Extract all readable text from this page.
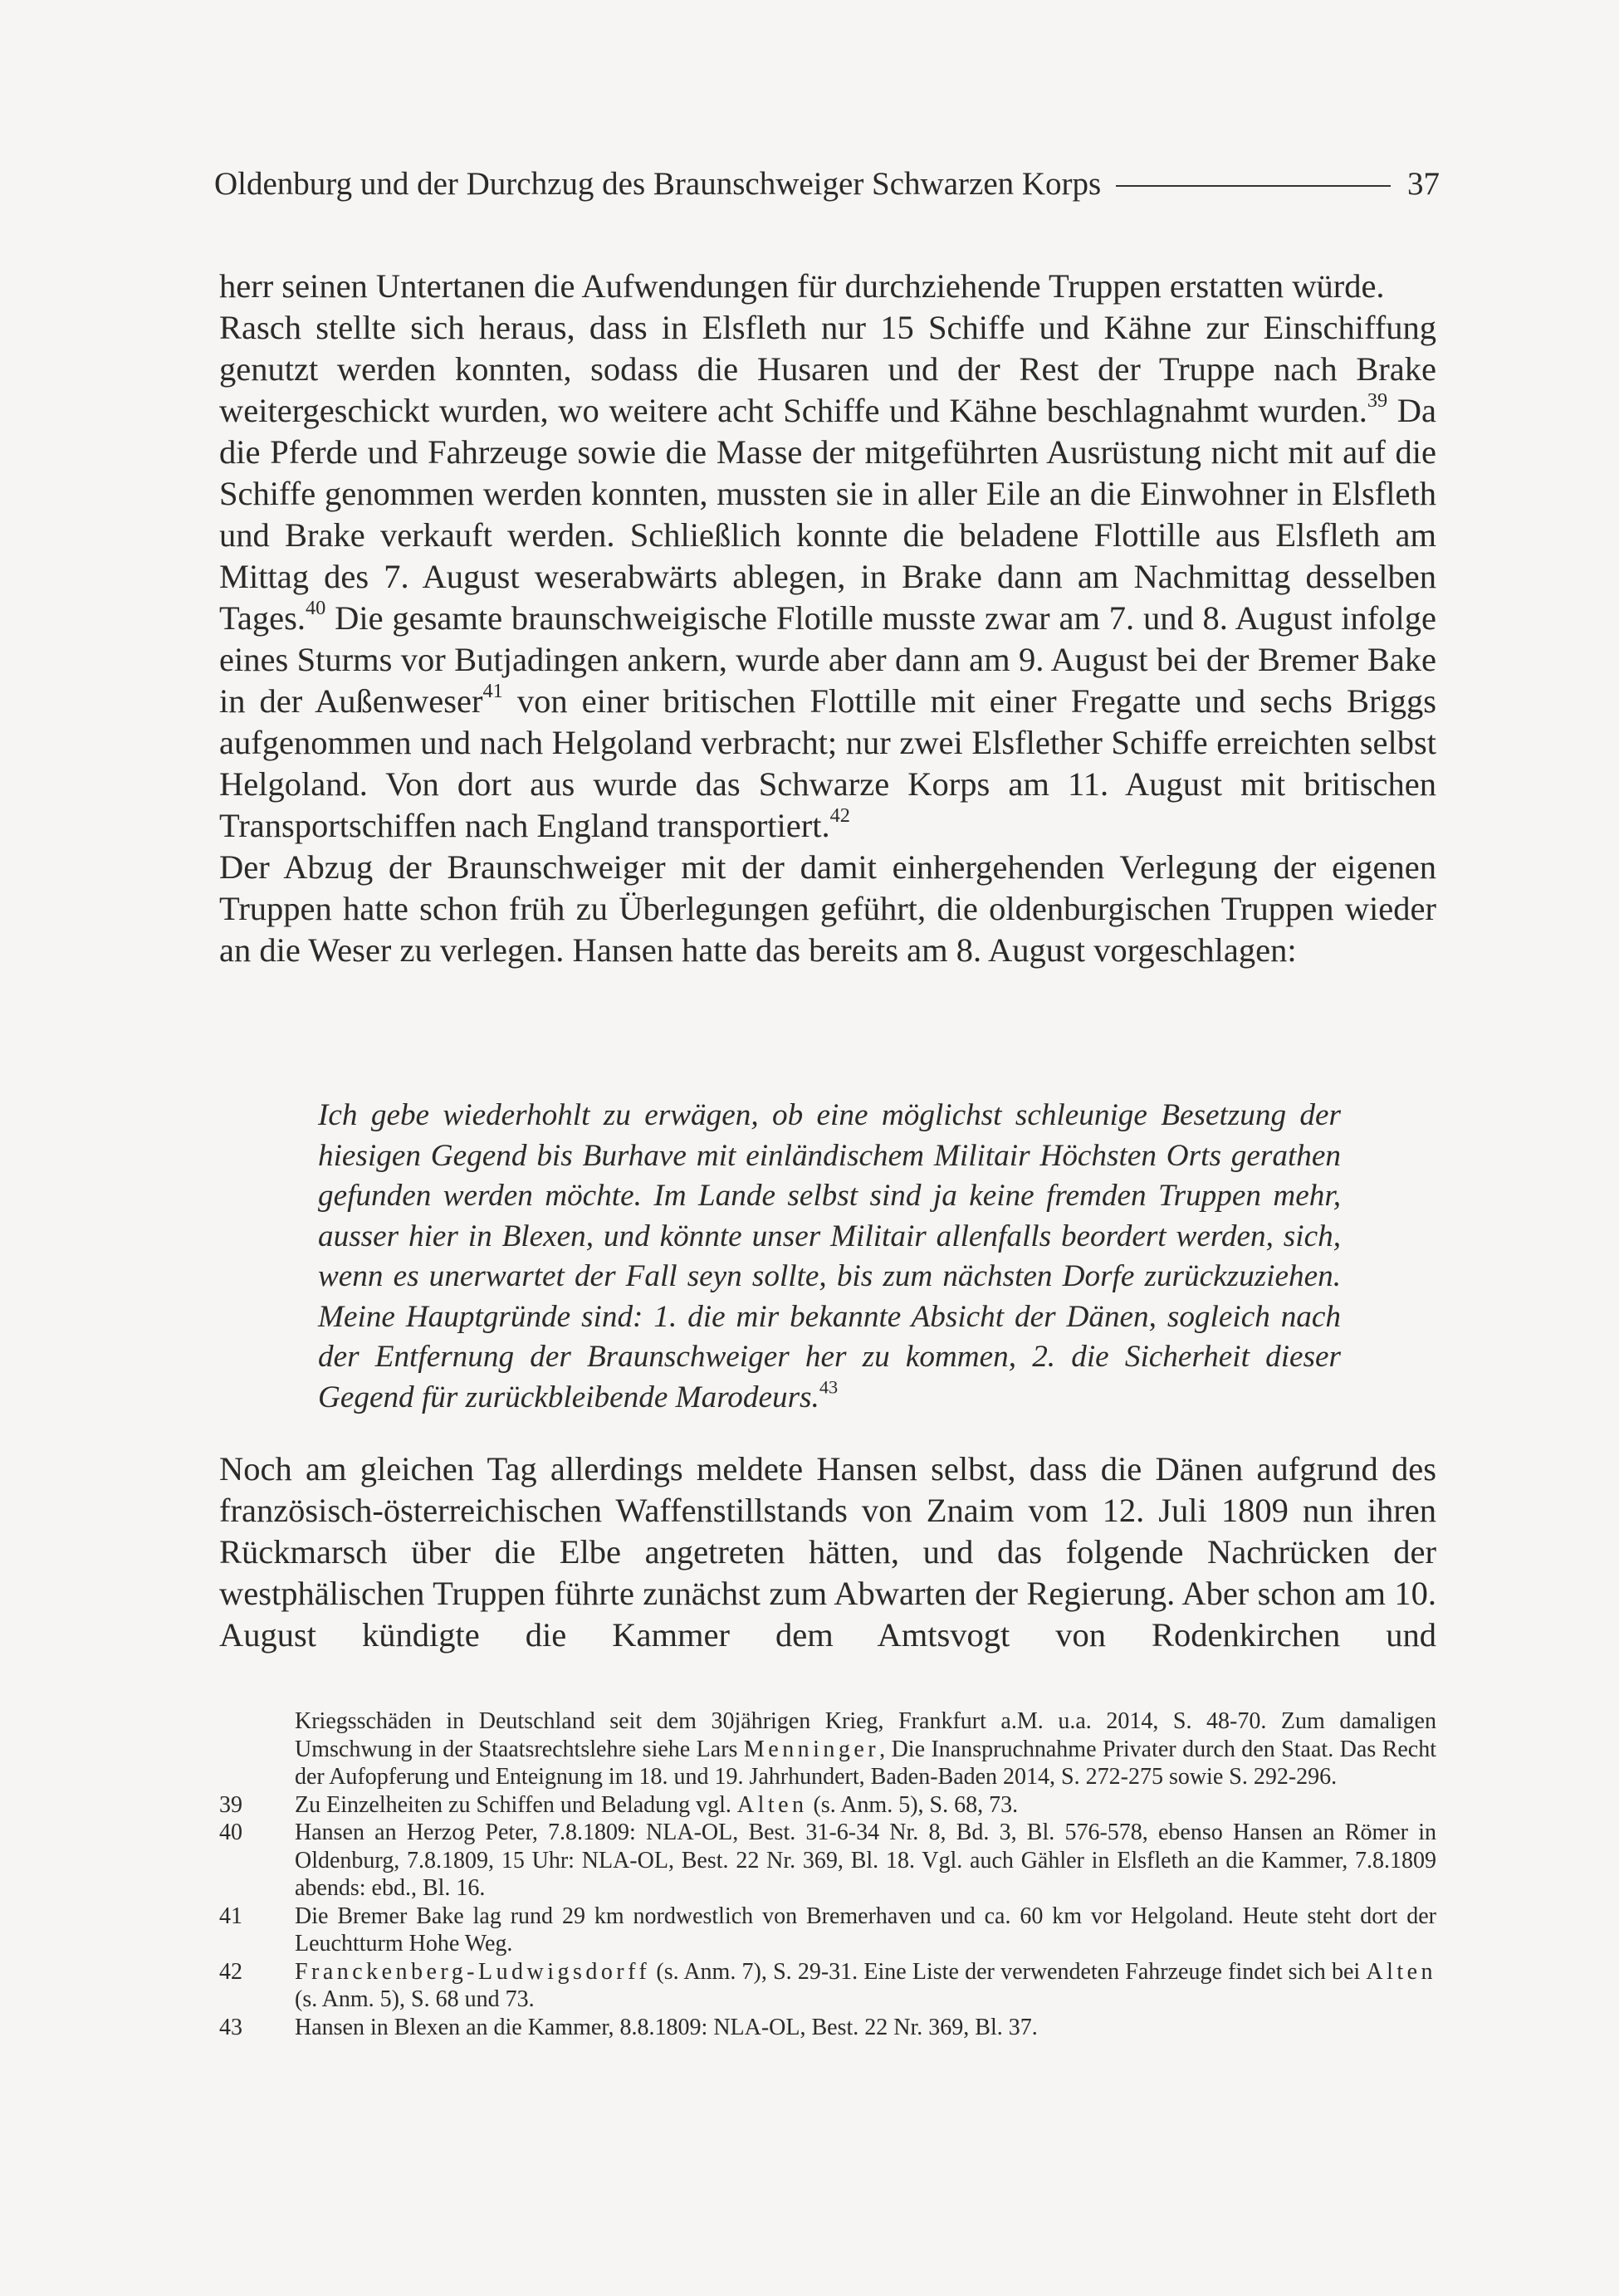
Oldenburg und der Durchzug des Braunschweiger Schwarzen Korps	37

herr seinen Untertanen die Aufwendungen für durchziehende Truppen erstatten würde.

Rasch stellte sich heraus, dass in Elsfleth nur 15 Schiffe und Kähne zur Einschiffung genutzt werden konnten, sodass die Husaren und der Rest der Truppe nach Brake weitergeschickt wurden, wo weitere acht Schiffe und Kähne beschlagnahmt wurden.$^{39}$ Da die Pferde und Fahrzeuge sowie die Masse der mitgeführten Ausrüstung nicht mit auf die Schiffe genommen werden konnten, mussten sie in aller Eile an die Einwohner in Elsfleth und Brake verkauft werden. Schließlich konnte die beladene Flottille aus Elsfleth am Mittag des 7. August weserabwärts ablegen, in Brake dann am Nachmittag desselben Tages.$^{40}$ Die gesamte braunschweigische Flotille musste zwar am 7. und 8. August infolge eines Sturms vor Butjadingen ankern, wurde aber dann am 9. August bei der Bremer Bake in der Außenweser$^{41}$ von einer britischen Flottille mit einer Fregatte und sechs Briggs aufgenommen und nach Helgoland verbracht; nur zwei Elsflether Schiffe erreichten selbst Helgoland. Von dort aus wurde das Schwarze Korps am 11. August mit britischen Transportschiffen nach England transportiert.$^{42}$

Der Abzug der Braunschweiger mit der damit einhergehenden Verlegung der eigenen Truppen hatte schon früh zu Überlegungen geführt, die oldenburgischen Truppen wieder an die Weser zu verlegen. Hansen hatte das bereits am 8. August vorgeschlagen:

Ich gebe wiederhohlt zu erwägen, ob eine möglichst schleunige Besetzung der hiesigen Gegend bis Burhave mit einländischem Militair Höchsten Orts gerathen gefunden werden möchte. Im Lande selbst sind ja keine fremden Truppen mehr, ausser hier in Blexen, und könnte unser Militair allenfalls beordert werden, sich, wenn es unerwartet der Fall seyn sollte, bis zum nächsten Dorfe zurückzuziehen. Meine Hauptgründe sind: 1. die mir bekannte Absicht der Dänen, sogleich nach der Entfernung der Braunschweiger her zu kommen, 2. die Sicherheit dieser Gegend für zurückbleibende Marodeurs.$^{43}$

Noch am gleichen Tag allerdings meldete Hansen selbst, dass die Dänen aufgrund des französisch-österreichischen Waffenstillstands von Znaim vom 12. Juli 1809 nun ihren Rückmarsch über die Elbe angetreten hätten, und das folgende Nachrücken der westphälischen Truppen führte zunächst zum Abwarten der Regierung. Aber schon am 10. August kündigte die Kammer dem Amtsvogt von Rodenkirchen und

Kriegsschäden in Deutschland seit dem 30jährigen Krieg, Frankfurt a.M. u.a. 2014, S. 48-70. Zum damaligen Umschwung in der Staatsrechtslehre siehe Lars Menninger, Die Inanspruchnahme Privater durch den Staat. Das Recht der Aufopferung und Enteignung im 18. und 19. Jahrhundert, Baden-Baden 2014, S. 272-275 sowie S. 292-296.
39	Zu Einzelheiten zu Schiffen und Beladung vgl. Alten (s. Anm. 5), S. 68, 73.
40	Hansen an Herzog Peter, 7.8.1809: NLA-OL, Best. 31-6-34 Nr. 8, Bd. 3, Bl. 576-578, ebenso Hansen an Römer in Oldenburg, 7.8.1809, 15 Uhr: NLA-OL, Best. 22 Nr. 369, Bl. 18. Vgl. auch Gähler in Elsfleth an die Kammer, 7.8.1809 abends: ebd., Bl. 16.
41	Die Bremer Bake lag rund 29 km nordwestlich von Bremerhaven und ca. 60 km vor Helgoland. Heute steht dort der Leuchtturm Hohe Weg.
42	Franckenberg-Ludwigsdorff (s. Anm. 7), S. 29-31. Eine Liste der verwendeten Fahrzeuge findet sich bei Alten (s. Anm. 5), S. 68 und 73.
43	Hansen in Blexen an die Kammer, 8.8.1809: NLA-OL, Best. 22 Nr. 369, Bl. 37.
